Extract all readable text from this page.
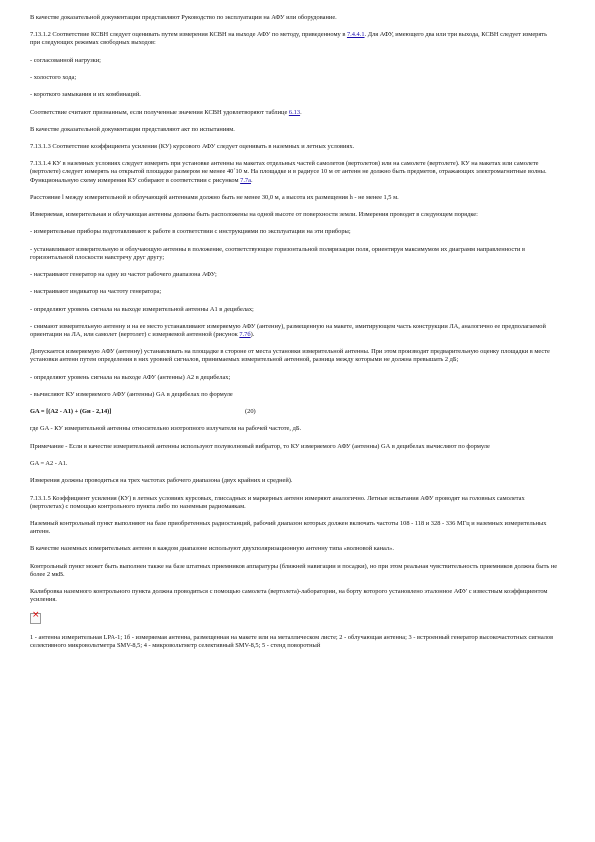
В качестве доказательной документации представляют Руководство по эксплуатации на АФУ или оборудование.

7.13.1.2 Соответствие КСВН следует оценивать путем измерения КСВН на выходе АФУ по методу, приведенному в 7.4.4.1. Для АФУ, имеющего два или три выхода, КСВН следует измерять при следующих режимах свободных выходов:

- согласованной нагрузки;

- холостого хода;

- короткого замыкания и их комбинаций.

Соответствие считают признанным, если полученные значения КСВН удовлетворяют таблице 6.13.

В качестве доказательной документации представляют акт по испытаниям.

7.13.1.3 Соответствие коэффициента усиления (КУ) курсового АФУ следует оценивать в наземных и летных условиях.

7.13.1.4 КУ в наземных условиях следует измерять при установке антенны на макетах отдельных частей самолетов (вертолетов) или на самолете (вертолете). КУ на макетах или самолете (вертолете) следует измерять на открытой площадке размером не менее 40´10 м. На площадке и в радиусе 10 м от антенн не должно быть предметов, отражающих электромагнитные волны. Функциональную схему измерения КУ собирают в соответствии с рисунком 7.7а.

Расстояние l между измерительной и облучающей антеннами должно быть не менее 30,0 м, а высота их размещения h - не менее 1,5 м.

Измеряемая, измерительная и облучающая антенны должны быть расположены на одной высоте от поверхности земли. Измерения проводят в следующем порядке:

- измерительные приборы подготавливают к работе в соответствии с инструкциями по эксплуатации на эти приборы;

- устанавливают измерительную и облучающую антенны в положение, соответствующее горизонтальной поляризации поля, ориентируя максимумом их диаграмм направленности в горизонтальной плоскости навстречу друг другу;

- настраивают генератор на одну из частот рабочего диапазона АФУ;

- настраивают индикатор на частоту генератора;

- определяют уровень сигнала на выходе измерительной антенны A1 в децибелах;

- снимают измерительную антенну и на ее место устанавливают измеряемую АФУ (антенну), размещенную на макете, имитирующем часть конструкции ЛА, аналогично ее предполагаемой ориентации на ЛА, или самолет (вертолет) с измеряемой антенной (рисунок 7.7б).

Допускается измеряемую АФУ (антенну) устанавливать на площадке в стороне от места установки измерительной антенны. При этом производят предварительную оценку площадки в месте установки антенн путем определения в них уровней сигналов, принимаемых измерительной антенной, разница между которыми не должна превышать 2 дБ;

- определяют уровень сигнала на выходе АФУ (антенны) A2 в децибелах;

- вычисляют КУ измеряемого АФУ (антенны) GА в децибелах по формуле

GA = [(A2 - A1) + (Gи - 2,14)]	(20)

где GA - КУ измерительной антенны относительно изотропного излучателя на рабочей частоте, дБ.

Примечание - Если в качестве измерительной антенны используют полуволновый вибратор, то КУ измеряемого АФУ (антенны) GА в децибелах вычисляют по формуле

GA = A2 - A1.

Измерения должны проводиться на трех частотах рабочего диапазона (двух крайних и средней).

7.13.1.5 Коэффициент усиления (КУ) в летных условиях курсовых, глиссадных и маркерных антенн измеряют аналогично. Летные испытания АФУ проводят на головных самолетах (вертолетах) с помощью контрольного пункта либо по наземным радиомаякам.

Наземный контрольный пункт выполняют на базе приобретенных радиостанций, рабочий диапазон которых должен включать частоты 108 - 118 и 328 - 336 МГц и наземных измерительных антенн.

В качестве наземных измерительных антенн в каждом диапазоне используют двухполяризационную антенну типа «волновой канал».

Контрольный пункт может быть выполнен также на базе штатных приемников аппаратуры (ближней навигации и посадки), но при этом реальная чувствительность приемников должна быть не более 2 мкВ.

Калибровка наземного контрольного пункта должна проводиться с помощью самолета (вертолета)-лаборатории, на борту которого установлено эталонное АФУ с известным коэффициентом усиления.

×

1 - антенна измерительная LPA-1; 1б - измеряемая антенна, размещенная на макете или на металлическом листе; 2 - облучающая антенна; 3 - встроенный генератор высокочастотных сигналов селективного микровольтметра SMV-8,5; 4 - микровольтметр селективный SMV-8,5; 5 - стенд поворотный
